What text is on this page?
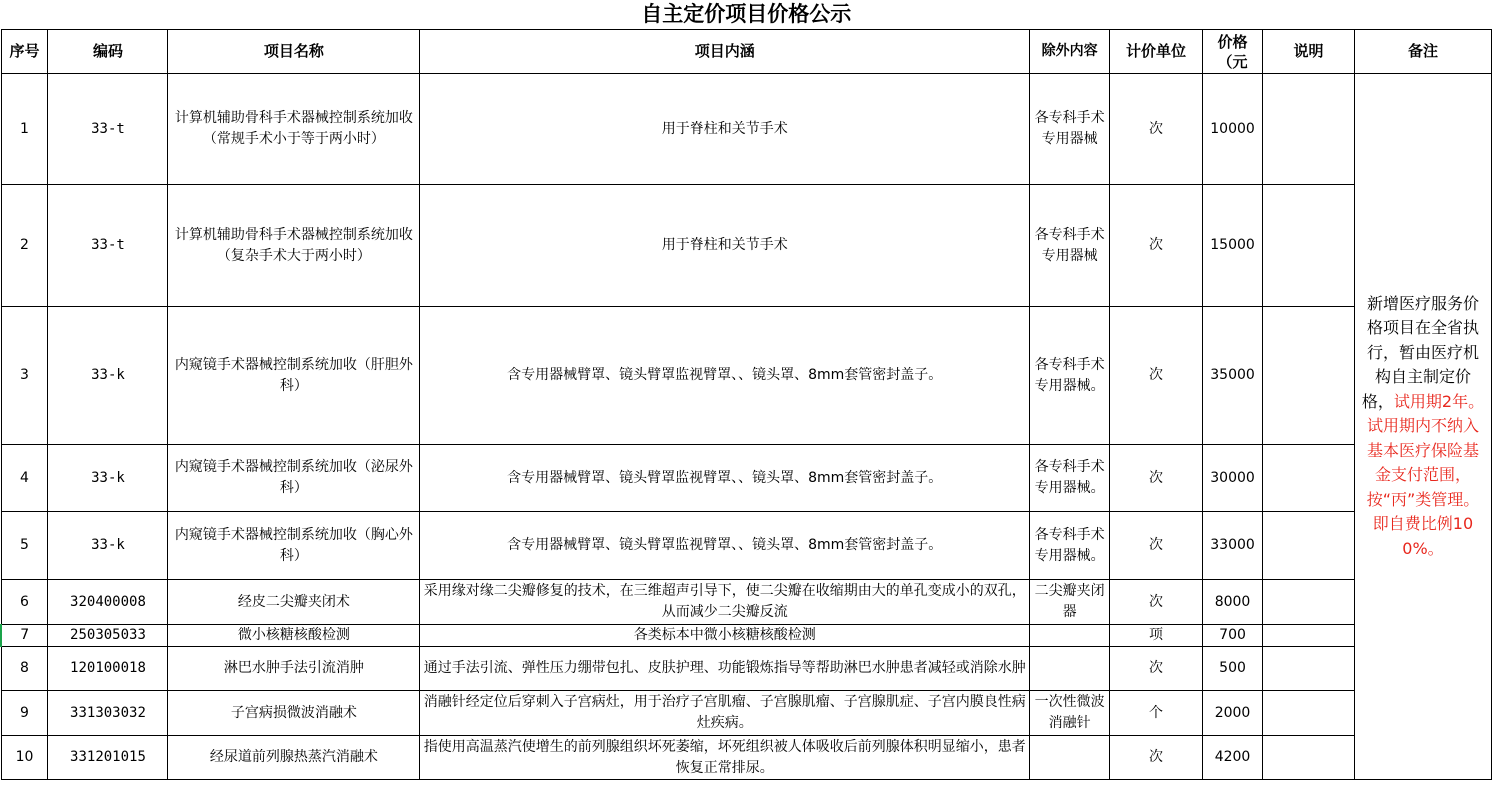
自主定价项目价格公示								
序号	编码	项目名称	项目内涵	除外内容	计价单位	价格（元	说明	备注
1	33-t	计算机辅助骨科手术器械控制系统加收（常规手术小于等于两小时）	用于脊柱和关节手术	各专科手术专用器械	次	10000		新增医疗服务价格项目在全省执行，暂由医疗机构自主制定价格，试用期2年。试用期内不纳入基本医疗保险基金支付范围，按“丙”类管理。即自费比例100%。
2	33-t	计算机辅助骨科手术器械控制系统加收（复杂手术大于两小时）	用于脊柱和关节手术	各专科手术专用器械	次	15000		
3	33-k	内窥镜手术器械控制系统加收（肝胆外科）	含专用器械臂罩、镜头臂罩监视臂罩、、镜头罩、8mm套管密封盖子。	各专科手术专用器械。	次	35000		
4	33-k	内窥镜手术器械控制系统加收（泌尿外科）	含专用器械臂罩、镜头臂罩监视臂罩、、镜头罩、8mm套管密封盖子。	各专科手术专用器械。	次	30000		
5	33-k	内窥镜手术器械控制系统加收（胸心外科）	含专用器械臂罩、镜头臂罩监视臂罩、、镜头罩、8mm套管密封盖子。	各专科手术专用器械。	次	33000		
6	320400008	经皮二尖瓣夹闭术	采用缘对缘二尖瓣修复的技术，在三维超声引导下，使二尖瓣在收缩期由大的单孔变成小的双孔，从而减少二尖瓣反流	二尖瓣夹闭器	次	8000		
7	250305033	微小核糖核酸检测	各类标本中微小核糖核酸检测		项	700		
8	120100018	淋巴水肿手法引流消肿	通过手法引流、弹性压力绷带包扎、皮肤护理、功能锻炼指导等帮助淋巴水肿患者减轻或消除水肿		次	500		
9	331303032	子宫病损微波消融术	消融针经定位后穿刺入子宫病灶，用于治疗子宫肌瘤、子宫腺肌瘤、子宫腺肌症、子宫内膜良性病灶疾病。	一次性微波消融针	个	2000		
10	331201015	经尿道前列腺热蒸汽消融术	指使用高温蒸汽使增生的前列腺组织坏死萎缩，坏死组织被人体吸收后前列腺体积明显缩小，患者恢复正常排尿。		次	4200		
